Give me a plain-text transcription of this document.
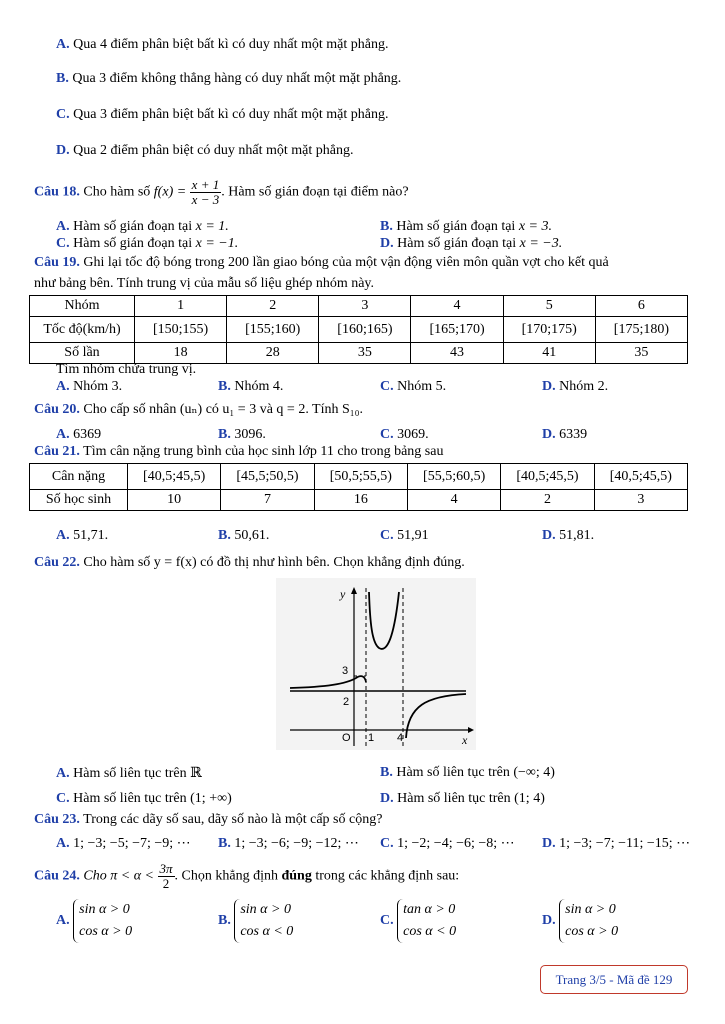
A. Qua 4 điểm phân biệt bất kì có duy nhất một mặt phẳng.
B. Qua 3 điểm không thẳng hàng có duy nhất một mặt phẳng.
C. Qua 3 điểm phân biệt bất kì có duy nhất một mặt phẳng.
D. Qua 2 điểm phân biệt có duy nhất một mặt phẳng.
Câu 18. Cho hàm số $f(x) = \frac{x + 1}{x - 3}$ . Hàm số gián đoạn tại điểm nào?
A. Hàm số gián đoạn tại x = 1.	B. Hàm số gián đoạn tại x = 3.
C. Hàm số gián đoạn tại x = −1.	D. Hàm số gián đoạn tại x = −3.
Câu 19. Ghi lại tốc độ bóng trong 200 lần giao bóng của một vận động viên môn quần vợt cho kết quả
như bảng bên. Tính trung vị của mẫu số liệu ghép nhóm này.
Nhóm	1	2	3	4	5	6
Tốc độ(km/h)	[150;155)	[155;160)	[160;165)	[165;170)	[170;175)	[175;180)
Số lần	18	28	35	43	41	35
Tìm nhóm chứa trung vị.
A. Nhóm 3.	B. Nhóm 4.	C. Nhóm 5.	D. Nhóm 2.
Câu 20. Cho cấp số nhân (uₙ) có u₁ = 3 và q = 2. Tính S₁₀.
A. 6369	B. 3096.	C. 3069.	D. 6339
Câu 21. Tìm cân nặng trung bình của học sinh lớp 11 cho trong bảng sau
Cân nặng	[40,5;45,5)	[45,5;50,5)	[50,5;55,5)	[55,5;60,5)	[40,5;45,5)	[40,5;45,5)
Số học sinh	10	7	16	4	2	3
A. 51,71.	B. 50,61.	C. 51,91	D. 51,81.
Câu 22. Cho hàm số y = f(x) có đồ thị như hình bên. Chọn khẳng định đúng.
y
x
O 1 4
2
3
A. Hàm số liên tục trên ℝ	B. Hàm số liên tục trên (−∞; 4)
C. Hàm số liên tục trên (1; +∞)	D. Hàm số liên tục trên (1; 4)
Câu 23. Trong các dãy số sau, dãy số nào là một cấp số cộng?
A. 1; −3; −5; −7; −9; ⋯ B. 1; −3; −6; −9; −12; ⋯ C. 1; −2; −4; −6; −8; ⋯ D. 1; −3; −7; −11; −15; ⋯
Câu 24. Cho $\pi < \alpha < \frac{3\pi}{2}$ . Chọn khẳng định đúng trong các khẳng định sau:
A. sin α > 0
cos α > 0
B. sin α > 0
cos α < 0
C. tan α > 0
cos α < 0
D. sin α > 0
cos α > 0
Trang 3/5 - Mã đề 129
